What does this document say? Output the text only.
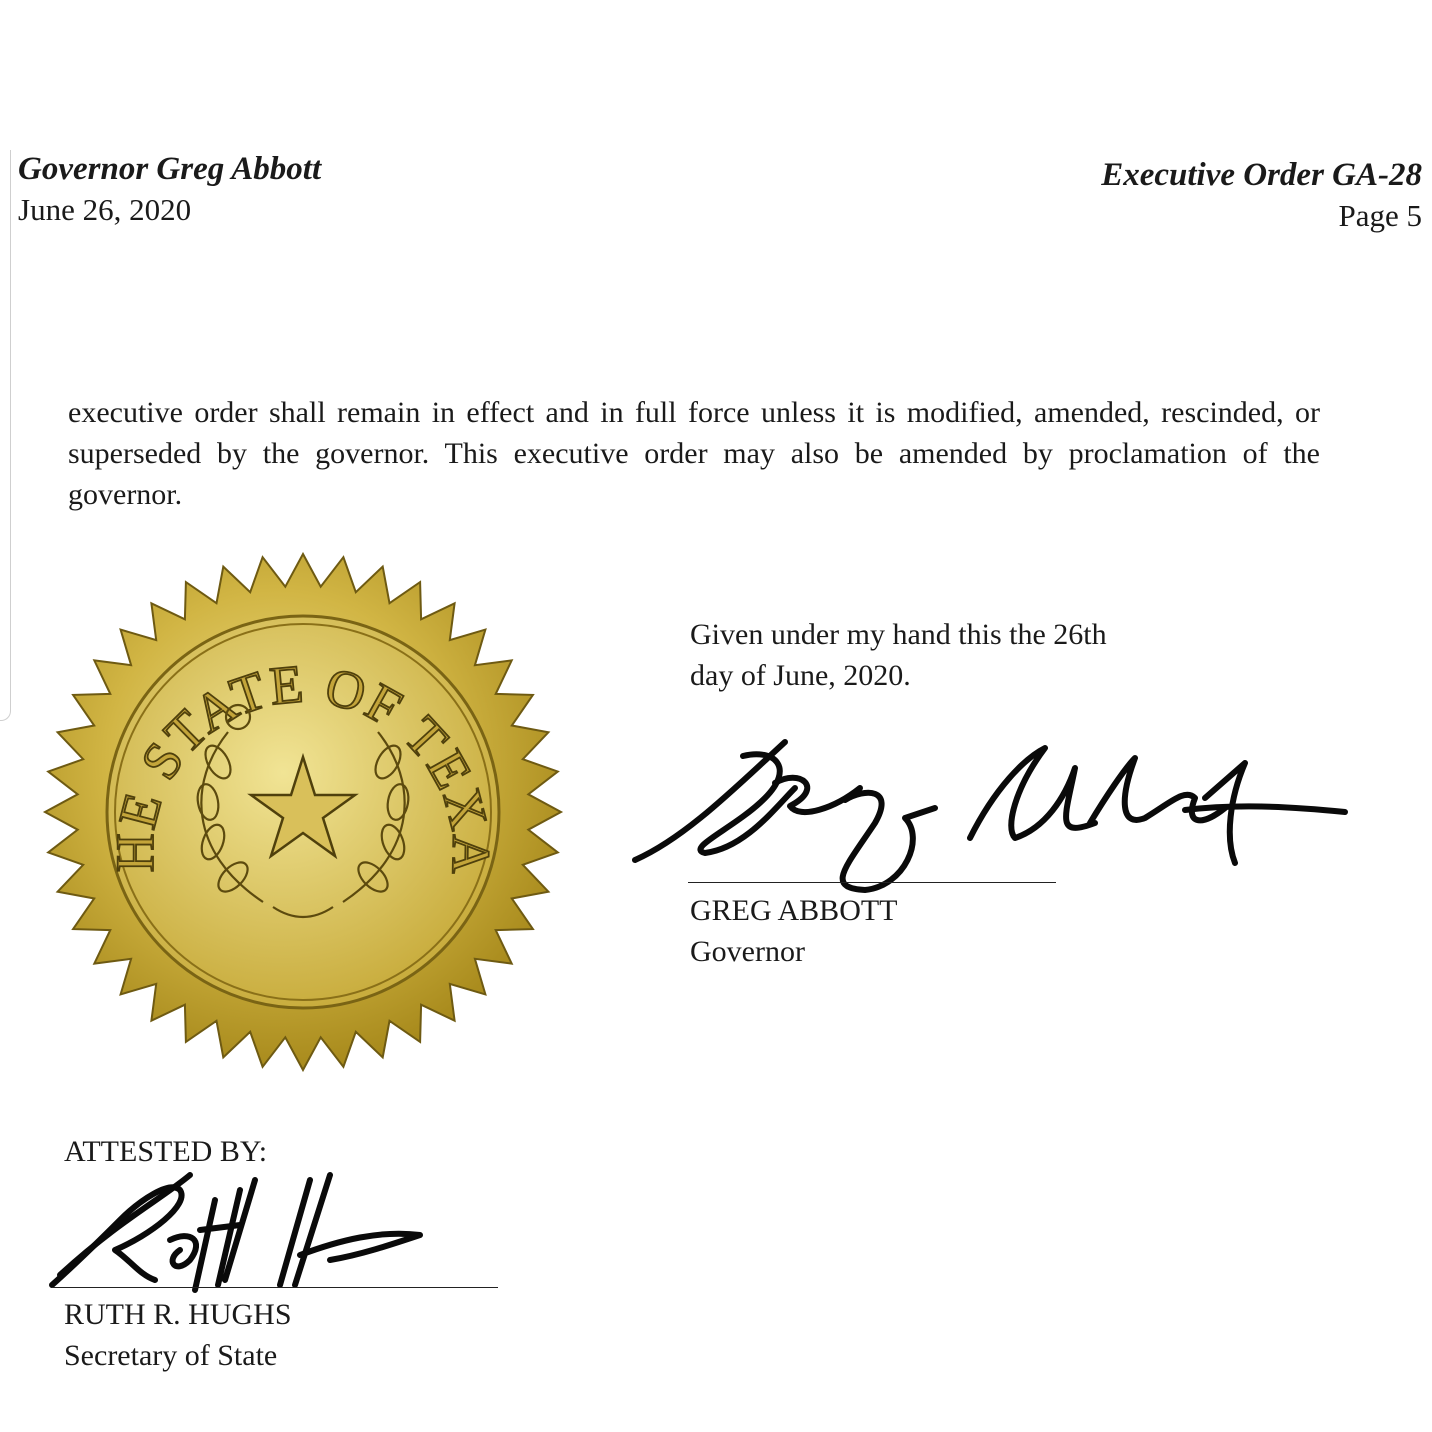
Governor Greg Abbott
June 26, 2020
Executive Order GA-28
Page 5
executive order shall remain in effect and in full force unless it is modified, amended, rescinded, or superseded by the governor. This executive order may also be amended by proclamation of the governor.
HE STATE OF TEXA
Given under my hand this the 26th
day of June, 2020.
GREG ABBOTT
Governor
ATTESTED BY:
RUTH R. HUGHS
Secretary of State
